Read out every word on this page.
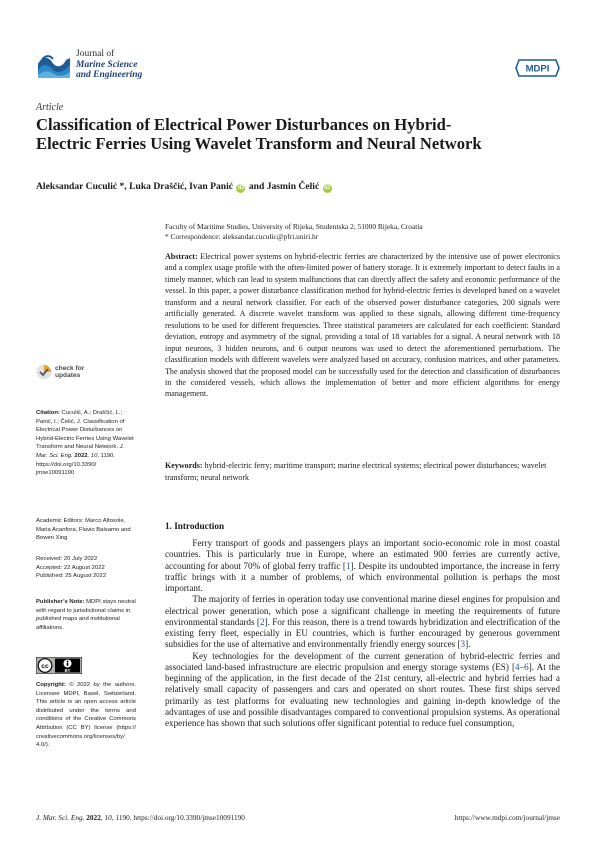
Journal of
Marine Science
and Engineering
MDPI
Article
Classification of Electrical Power Disturbances on Hybrid-Electric Ferries Using Wavelet Transform and Neural Network
Aleksandar Cuculić *, Luka Draščić, Ivan Panić iD and Jasmin Čelić iD
Faculty of Maritime Studies, University of Rijeka, Studentska 2, 51000 Rijeka, Croatia
* Correspondence: aleksandar.cuculic@pfri.uniri.hr
Abstract: Electrical power systems on hybrid-electric ferries are characterized by the intensive use of power electronics and a complex usage profile with the often-limited power of battery storage. It is extremely important to detect faults in a timely manner, which can lead to system malfunctions that can directly affect the safety and economic performance of the vessel. In this paper, a power disturbance classification method for hybrid-electric ferries is developed based on a wavelet transform and a neural network classifier. For each of the observed power disturbance categories, 200 signals were artificially generated. A discrete wavelet transform was applied to these signals, allowing different time-frequency resolutions to be used for different frequencies. Three statistical parameters are calculated for each coefficient: Standard deviation, entropy and asymmetry of the signal, providing a total of 18 variables for a signal. A neural network with 18 input neurons, 3 hidden neurons, and 6 output neurons was used to detect the aforementioned perturbations. The classification models with different wavelets were analyzed based on accuracy, confusion matrices, and other parameters. The analysis showed that the proposed model can be successfully used for the detection and classification of disturbances in the considered vessels, which allows the implementation of better and more efficient algorithms for energy management.
Keywords: hybrid-electric ferry; maritime transport; marine electrical systems; electrical power disturbances; wavelet transform; neural network
check for
updates
Citation: Cuculić, A.; Draščić, L.; Panić, I.; Čelić, J. Classification of Electrical Power Disturbances on Hybrid-Electric Ferries Using Wavelet Transform and Neural Network. J. Mar. Sci. Eng. 2022, 10, 1190. https://doi.org/10.3390/ jmse10091190
Academic Editors: Marco Altosole, Maria Acanfora, Flavio Balsamo and Bowen Xing
Received: 20 July 2022
Accepted: 22 August 2022
Published: 25 August 2022
Publisher’s Note: MDPI stays neutral with regard to jurisdictional claims in published maps and institutional affiliations.
cc
BY
Copyright: © 2022 by the authors. Licensee MDPI, Basel, Switzerland. This article is an open access article distributed under the terms and conditions of the Creative Commons Attribution (CC BY) license (https:// creativecommons.org/licenses/by/ 4.0/).
1. Introduction

   Ferry transport of goods and passengers plays an important socio-economic role in most coastal countries. This is particularly true in Europe, where an estimated 900 ferries are currently active, accounting for about 70% of global ferry traffic [1]. Despite its undoubted importance, the increase in ferry traffic brings with it a number of problems, of which environmental pollution is perhaps the most important.

   The majority of ferries in operation today use conventional marine diesel engines for propulsion and electrical power generation, which pose a significant challenge in meeting the requirements of future environmental standards [2]. For this reason, there is a trend towards hybridization and electrification of the existing ferry fleet, especially in EU countries, which is further encouraged by generous government subsidies for the use of alternative and environmentally friendly energy sources [3].

   Key technologies for the development of the current generation of hybrid-electric ferries and associated land-based infrastructure are electric propulsion and energy storage systems (ES) [4–6]. At the beginning of the application, in the first decade of the 21st century, all-electric and hybrid ferries had a relatively small capacity of passengers and cars and operated on short routes. These first ships served primarily as test platforms for evaluating new technologies and gaining in-depth knowledge of the advantages of use and possible disadvantages compared to conventional propulsion systems. As operational experience has shown that such solutions offer significant potential to reduce fuel consumption,

J. Mar. Sci. Eng. 2022, 10, 1190. https://doi.org/10.3390/jmse10091190	https://www.mdpi.com/journal/jmse
